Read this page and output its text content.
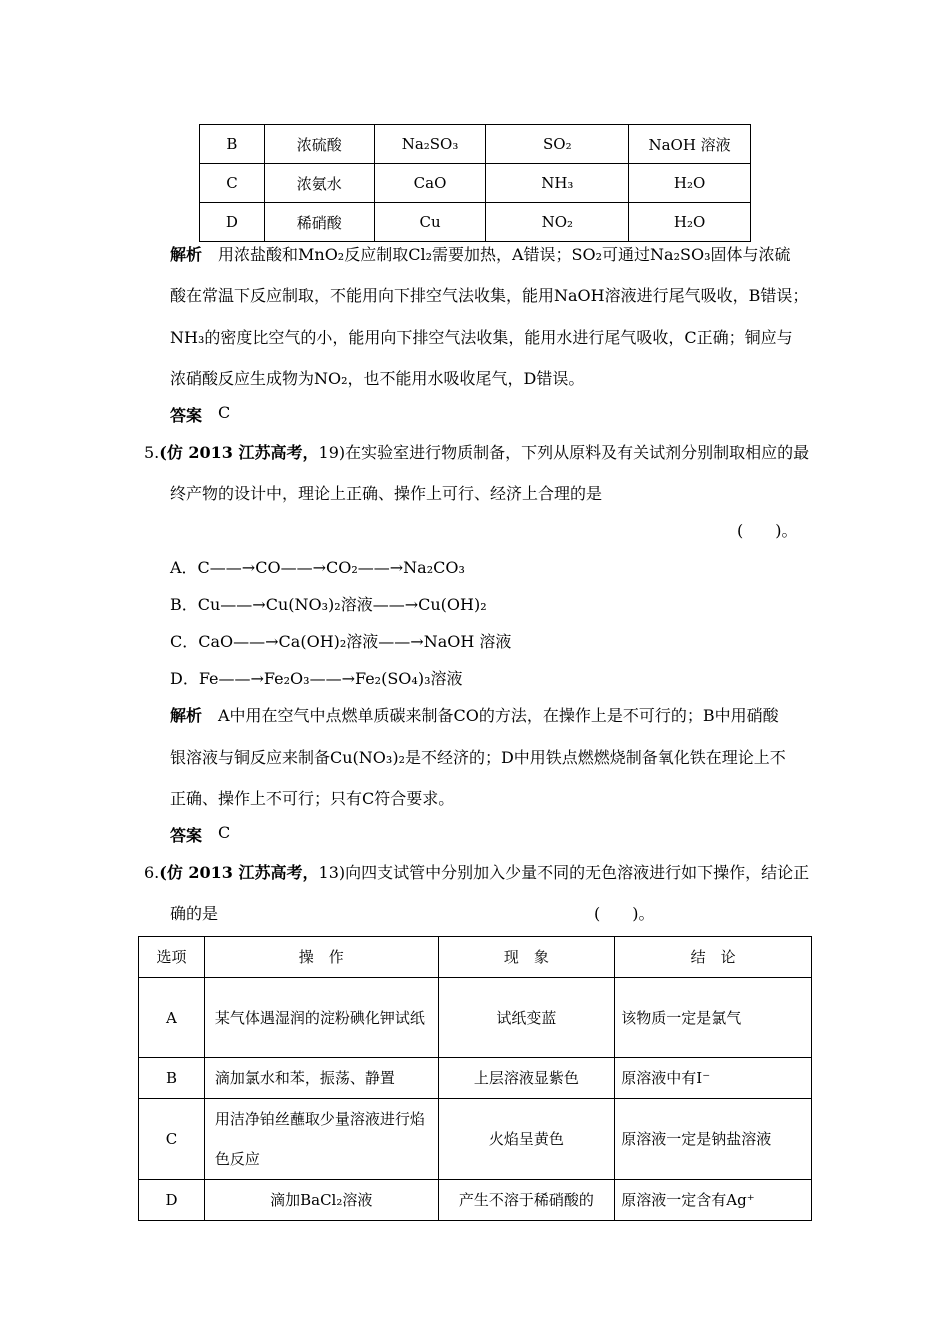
B	浓硫酸	Na₂SO₃	SO₂	NaOH 溶液
C	浓氨水	CaO	NH₃	H₂O
D	稀硝酸	Cu	NO₂	H₂O
解析 用浓盐酸和MnO₂反应制取Cl₂需要加热，A错误；SO₂可通过Na₂SO₃固体与浓硫
酸在常温下反应制取，不能用向下排空气法收集，能用NaOH溶液进行尾气吸收，B错误；
NH₃的密度比空气的小，能用向下排空气法收集，能用水进行尾气吸收，C正确；铜应与
浓硝酸反应生成物为NO₂，也不能用水吸收尾气，D错误。
答案 C
5.(仿 2013 江苏高考，19)在实验室进行物质制备，下列从原料及有关试剂分别制取相应的最
终产物的设计中，理论上正确、操作上可行、经济上合理的是
(　　)。
A．C——→CO——→CO₂——→Na₂CO₃
B．Cu——→Cu(NO₃)₂溶液——→Cu(OH)₂
C．CaO——→Ca(OH)₂溶液——→NaOH 溶液
D．Fe——→Fe₂O₃——→Fe₂(SO₄)₃溶液
解析 A中用在空气中点燃单质碳来制备CO的方法，在操作上是不可行的；B中用硝酸
银溶液与铜反应来制备Cu(NO₃)₂是不经济的；D中用铁点燃燃烧制备氧化铁在理论上不
正确、操作上不可行；只有C符合要求。
答案 C
6.(仿 2013 江苏高考，13)向四支试管中分别加入少量不同的无色溶液进行如下操作，结论正
确的是	(　　)。
选项	操　作	现　象	结　论
A	某气体遇湿润的淀粉碘化钾试纸	试纸变蓝	该物质一定是氯气
B	滴加氯水和苯，振荡、静置	上层溶液显紫色	原溶液中有I⁻
C	用洁净铂丝蘸取少量溶液进行焰色反应	火焰呈黄色	原溶液一定是钠盐溶液
D	滴加BaCl₂溶液	产生不溶于稀硝酸的	原溶液一定含有Ag⁺
